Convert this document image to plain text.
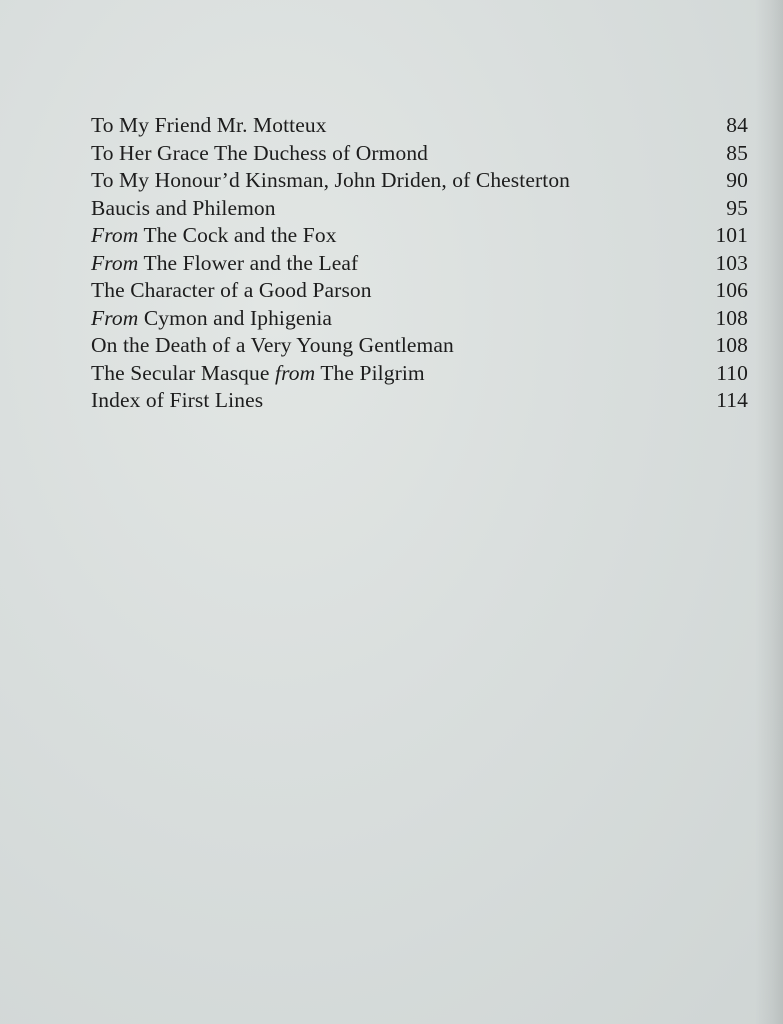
To My Friend Mr. Motteux	84
To Her Grace The Duchess of Ormond	85
To My Honour’d Kinsman, John Driden, of Chesterton	90
Baucis and Philemon	95
From The Cock and the Fox	101
From The Flower and the Leaf	103
The Character of a Good Parson	106
From Cymon and Iphigenia	108
On the Death of a Very Young Gentleman	108
The Secular Masque from The Pilgrim	110
Index of First Lines	114
